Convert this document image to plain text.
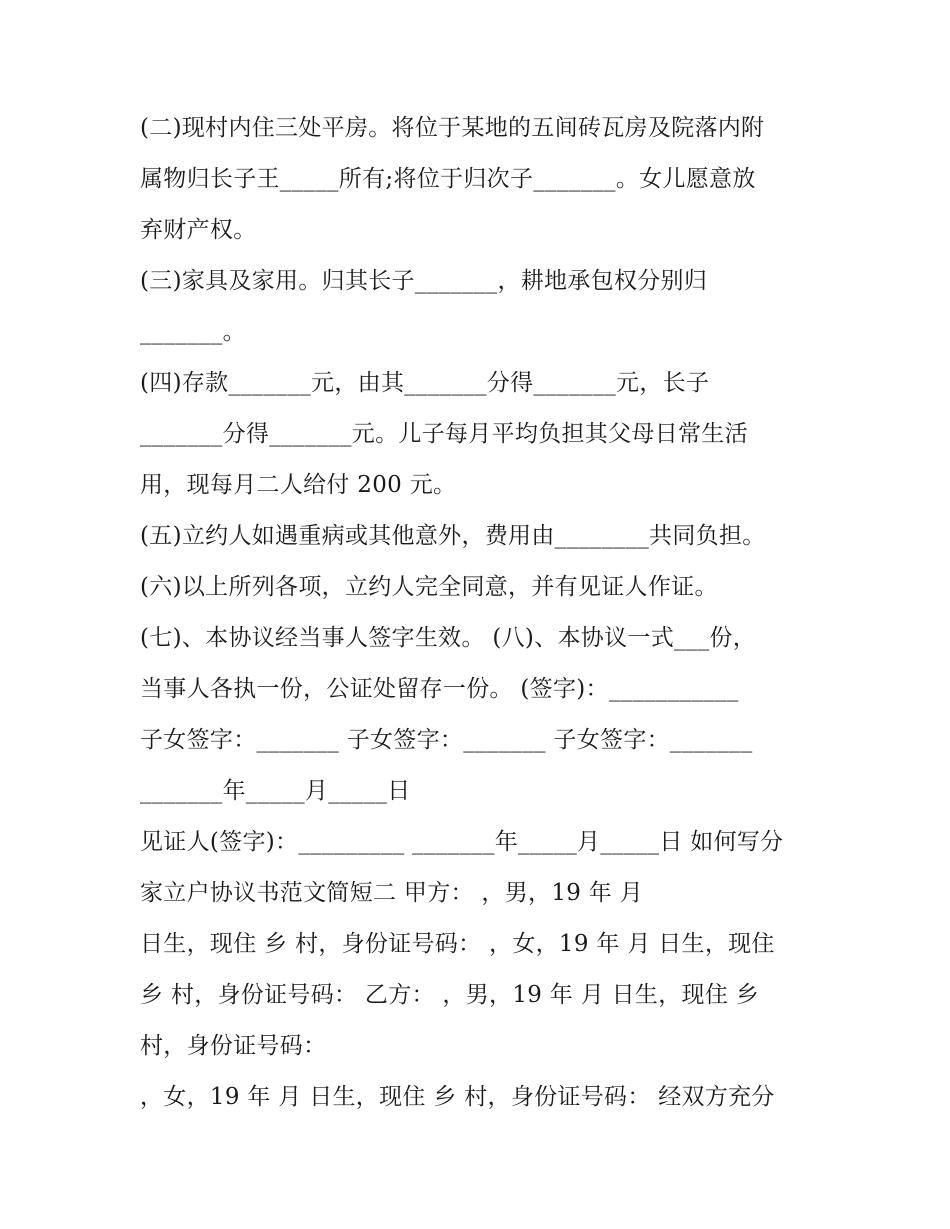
(二)现村内住三处平房。将位于某地的五间砖瓦房及院落内附
属物归长子王_____所有;将位于归次子_______。女儿愿意放
弃财产权。
(三)家具及家用。归其长子_______，耕地承包权分别归
_______。
(四)存款_______元，由其_______分得_______元，长子
_______分得_______元。儿子每月平均负担其父母日常生活
用，现每月二人给付 200 元。
(五)立约人如遇重病或其他意外，费用由________共同负担。
(六)以上所列各项，立约人完全同意，并有见证人作证。
(七)、本协议经当事人签字生效。 (八)、本协议一式___份，
当事人各执一份，公证处留存一份。 (签字)：___________
子女签字：_______ 子女签字：_______ 子女签字：_______
_______年_____月_____日
见证人(签字)：_________ _______年_____月_____日 如何写分
家立户协议书范文简短二 甲方： ，男，19 年 月
日生，现住 乡 村，身份证号码： ，女，19 年 月 日生，现住
乡 村，身份证号码： 乙方： ，男，19 年 月 日生，现住 乡
村，身份证号码：
，女，19 年 月 日生，现住 乡 村，身份证号码： 经双方充分
